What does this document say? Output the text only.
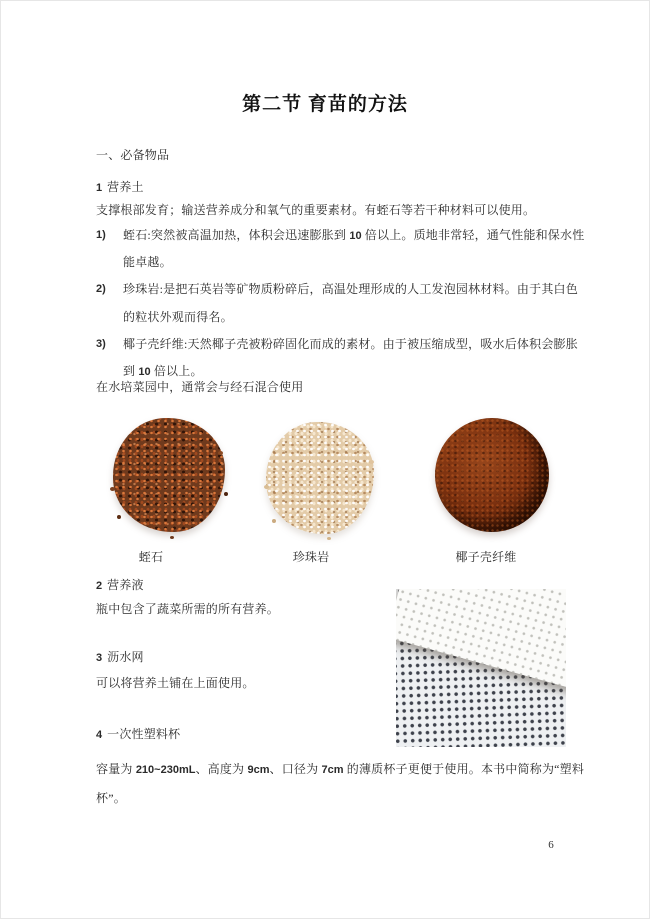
第二节 育苗的方法
一、必备物品
1 营养土
支撑根部发育；输送营养成分和氧气的重要素材。有蛭石等若干种材料可以使用。
1)	蛭石:突然被高温加热，体积会迅速膨胀到 10 倍以上。质地非常轻，通气性能和保水性
能卓越。
2)	珍珠岩:是把石英岩等矿物质粉碎后，高温处理形成的人工发泡园林材料。由于其白色
的粒状外观而得名。
3)	椰子壳纤维:天然椰子壳被粉碎固化而成的素材。由于被压缩成型，吸水后体积会膨胀
到 10 倍以上。
在水培菜园中，通常会与经石混合使用
蛭石	珍珠岩	椰子壳纤维
2 营养液
瓶中包含了蔬菜所需的所有营养。
3 沥水网
可以将营养土铺在上面使用。
4 一次性塑料杯
容量为 210~230mL、高度为 9cm、口径为 7cm 的薄质杯子更便于使用。本书中简称为“塑料
杯”。
6
